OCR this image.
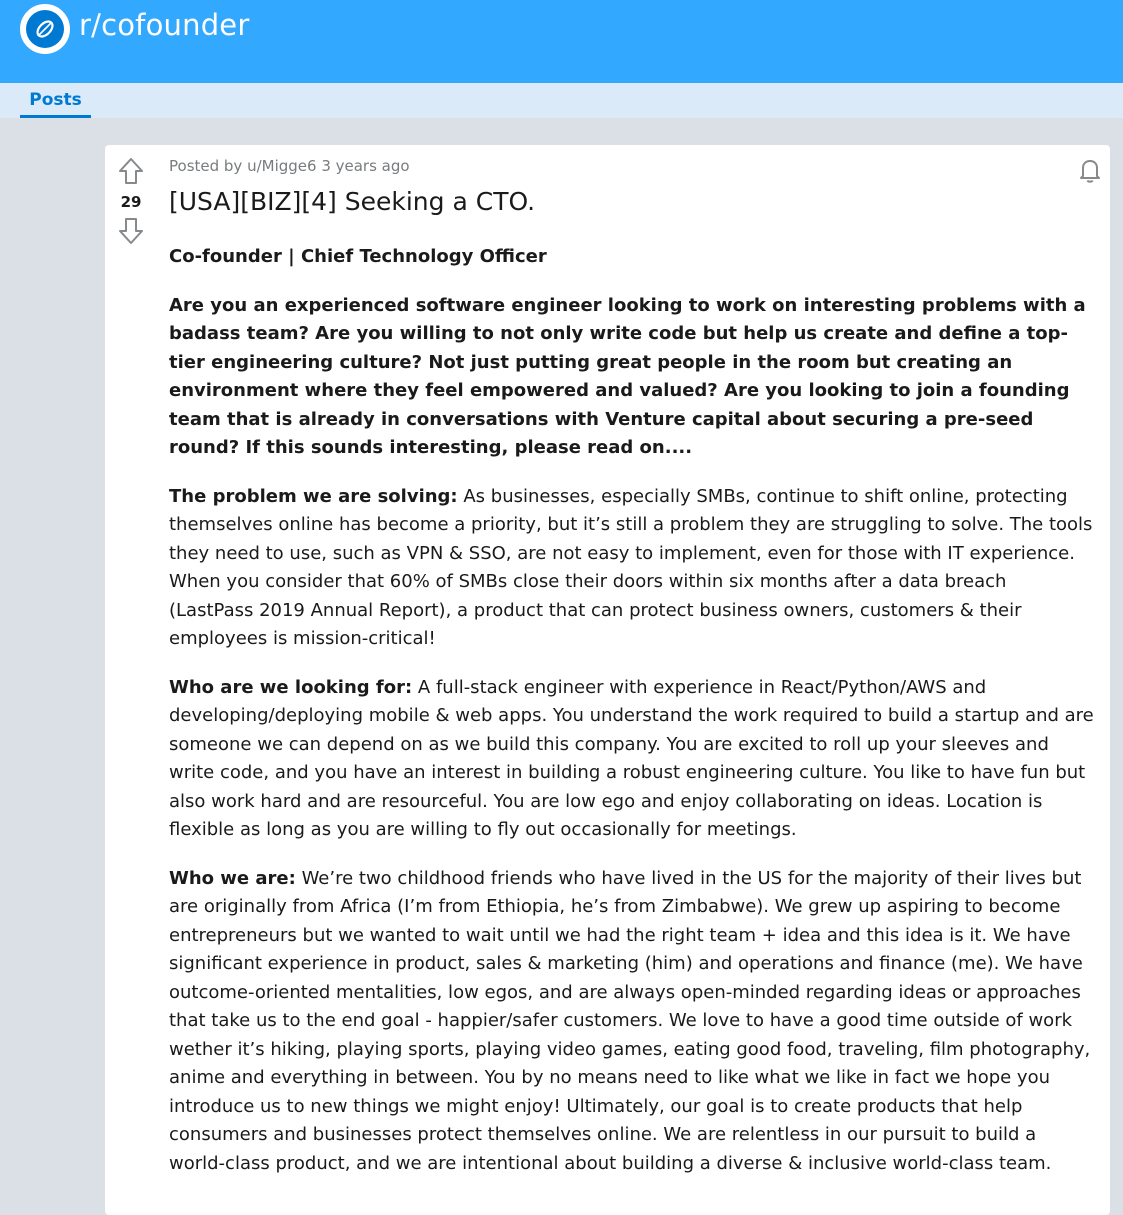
r/cofounder
Posts
29
Posted by u/Migge6 3 years ago
[USA][BIZ][4] Seeking a CTO.

Co-founder | Chief Technology Officer

Are you an experienced software engineer looking to work on interesting problems with a badass team? Are you willing to not only write code but help us create and define a top-tier engineering culture? Not just putting great people in the room but creating an environment where they feel empowered and valued? Are you looking to join a founding team that is already in conversations with Venture capital about securing a pre-seed round? If this sounds interesting, please read on....

The problem we are solving: As businesses, especially SMBs, continue to shift online, protecting themselves online has become a priority, but it’s still a problem they are struggling to solve. The tools they need to use, such as VPN & SSO, are not easy to implement, even for those with IT experience. When you consider that 60% of SMBs close their doors within six months after a data breach (LastPass 2019 Annual Report), a product that can protect business owners, customers & their employees is mission-critical!

Who are we looking for: A full-stack engineer with experience in React/Python/AWS and developing/deploying mobile & web apps. You understand the work required to build a startup and are someone we can depend on as we build this company. You are excited to roll up your sleeves and write code, and you have an interest in building a robust engineering culture. You like to have fun but also work hard and are resourceful. You are low ego and enjoy collaborating on ideas. Location is flexible as long as you are willing to fly out occasionally for meetings.

Who we are: We’re two childhood friends who have lived in the US for the majority of their lives but are originally from Africa (I’m from Ethiopia, he’s from Zimbabwe). We grew up aspiring to become entrepreneurs but we wanted to wait until we had the right team + idea and this idea is it. We have significant experience in product, sales & marketing (him) and operations and finance (me). We have outcome-oriented mentalities, low egos, and are always open-minded regarding ideas or approaches that take us to the end goal - happier/safer customers. We love to have a good time outside of work wether it’s hiking, playing sports, playing video games, eating good food, traveling, film photography, anime and everything in between. You by no means need to like what we like in fact we hope you introduce us to new things we might enjoy! Ultimately, our goal is to create products that help consumers and businesses protect themselves online. We are relentless in our pursuit to build a world-class product, and we are intentional about building a diverse & inclusive world-class team.
